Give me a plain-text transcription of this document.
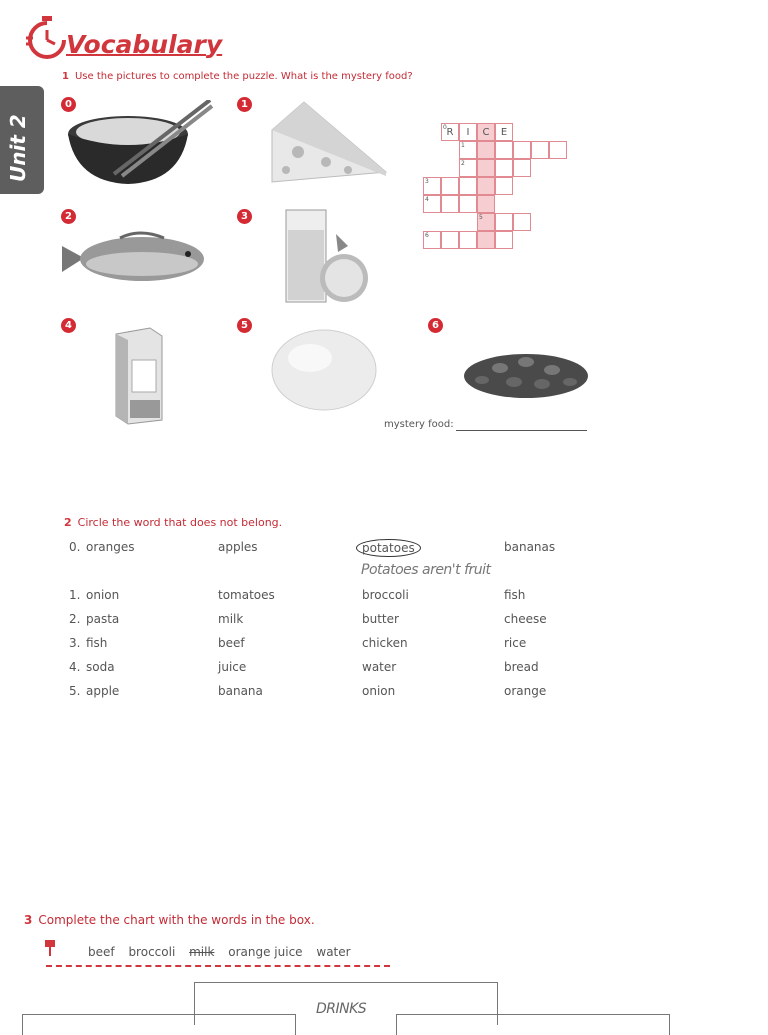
Vocabulary
Unit 2
1 Use the pictures to complete the puzzle. What is the mystery food?
0	1
2	3
4	5	6
0 R	I	C	E
1
2
3
4
5
6
mystery food:
2 Circle the word that does not belong.
0. oranges	apples	potatoes	bananas
Potatoes aren't fruit
1. onion	tomatoes	broccoli	fish
2. pasta	milk	butter	cheese
3. fish	beef	chicken	rice
4. soda	juice	water	bread
5. apple	banana	onion	orange
3 Complete the chart with the words in the box.
beef broccoli milk orange juice water
DRINKS
